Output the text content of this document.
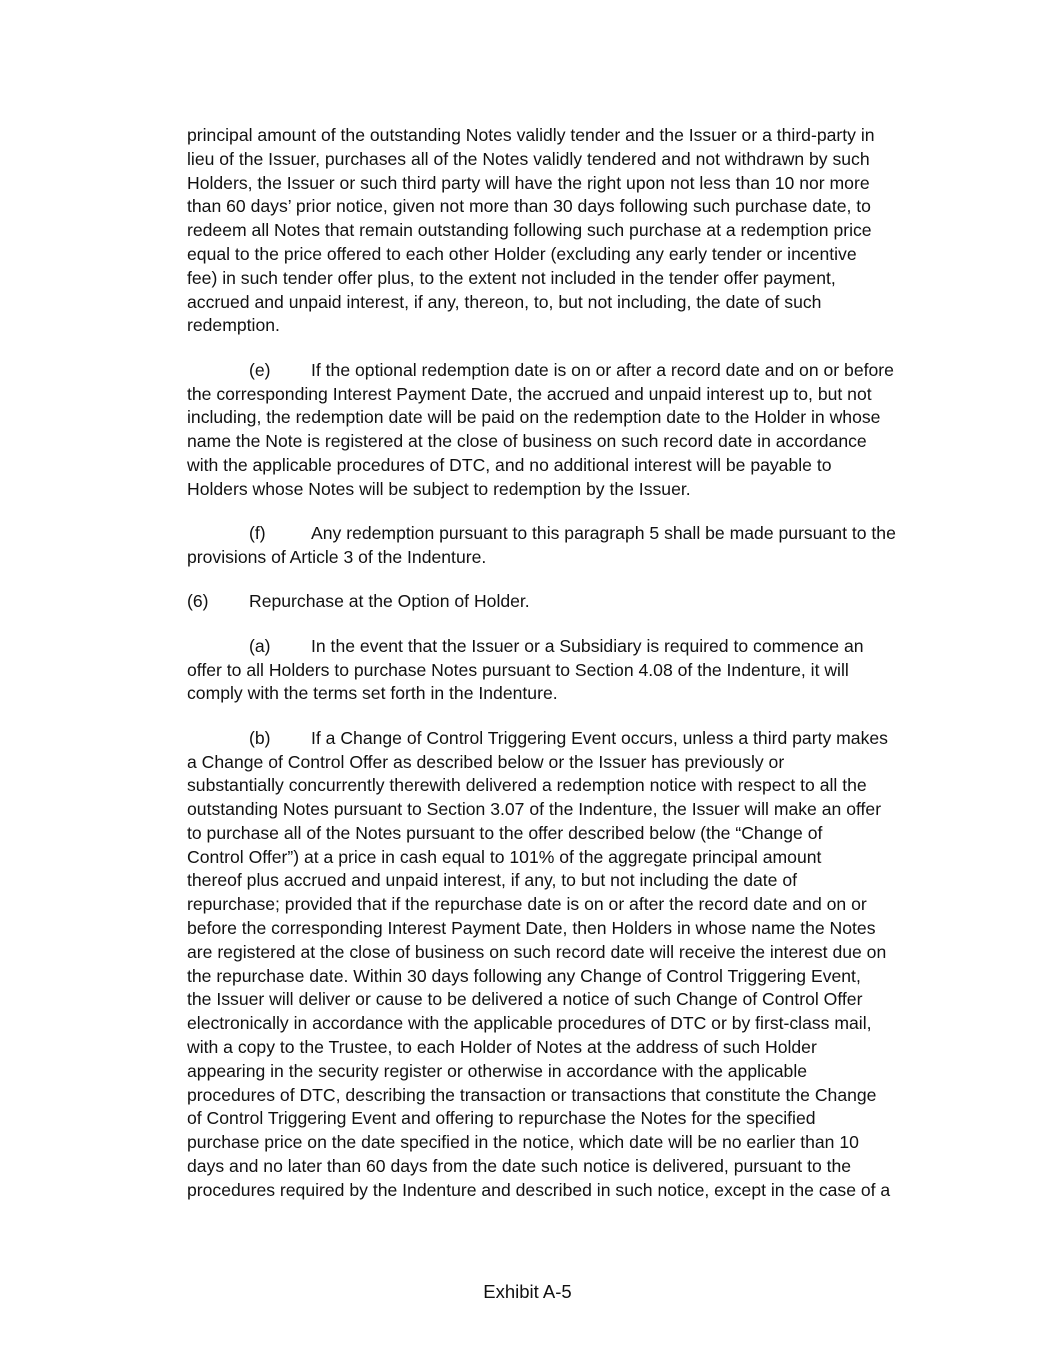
principal amount of the outstanding Notes validly tender and the Issuer or a third-party in
lieu of the Issuer, purchases all of the Notes validly tendered and not withdrawn by such
Holders, the Issuer or such third party will have the right upon not less than 10 nor more
than 60 days’ prior notice, given not more than 30 days following such purchase date, to
redeem all Notes that remain outstanding following such purchase at a redemption price
equal to the price offered to each other Holder (excluding any early tender or incentive
fee) in such tender offer plus, to the extent not included in the tender offer payment,
accrued and unpaid interest, if any, thereon, to, but not including, the date of such
redemption.
(e) If the optional redemption date is on or after a record date and on or before
the corresponding Interest Payment Date, the accrued and unpaid interest up to, but not
including, the redemption date will be paid on the redemption date to the Holder in whose
name the Note is registered at the close of business on such record date in accordance
with the applicable procedures of DTC, and no additional interest will be payable to
Holders whose Notes will be subject to redemption by the Issuer.
(f)	Any redemption pursuant to this paragraph 5 shall be made pursuant to the
provisions of Article 3 of the Indenture.
(6) Repurchase at the Option of Holder.
(a) In the event that the Issuer or a Subsidiary is required to commence an
offer to all Holders to purchase Notes pursuant to Section 4.08 of the Indenture, it will
comply with the terms set forth in the Indenture.
(b) If a Change of Control Triggering Event occurs, unless a third party makes
a Change of Control Offer as described below or the Issuer has previously or
substantially concurrently therewith delivered a redemption notice with respect to all the
outstanding Notes pursuant to Section 3.07 of the Indenture, the Issuer will make an offer
to purchase all of the Notes pursuant to the offer described below (the “Change of
Control Offer”) at a price in cash equal to 101% of the aggregate principal amount
thereof plus accrued and unpaid interest, if any, to but not including the date of
repurchase; provided that if the repurchase date is on or after the record date and on or
before the corresponding Interest Payment Date, then Holders in whose name the Notes
are registered at the close of business on such record date will receive the interest due on
the repurchase date. Within 30 days following any Change of Control Triggering Event,
the Issuer will deliver or cause to be delivered a notice of such Change of Control Offer
electronically in accordance with the applicable procedures of DTC or by first-class mail,
with a copy to the Trustee, to each Holder of Notes at the address of such Holder
appearing in the security register or otherwise in accordance with the applicable
procedures of DTC, describing the transaction or transactions that constitute the Change
of Control Triggering Event and offering to repurchase the Notes for the specified
purchase price on the date specified in the notice, which date will be no earlier than 10
days and no later than 60 days from the date such notice is delivered, pursuant to the
procedures required by the Indenture and described in such notice, except in the case of a
Exhibit A-5
